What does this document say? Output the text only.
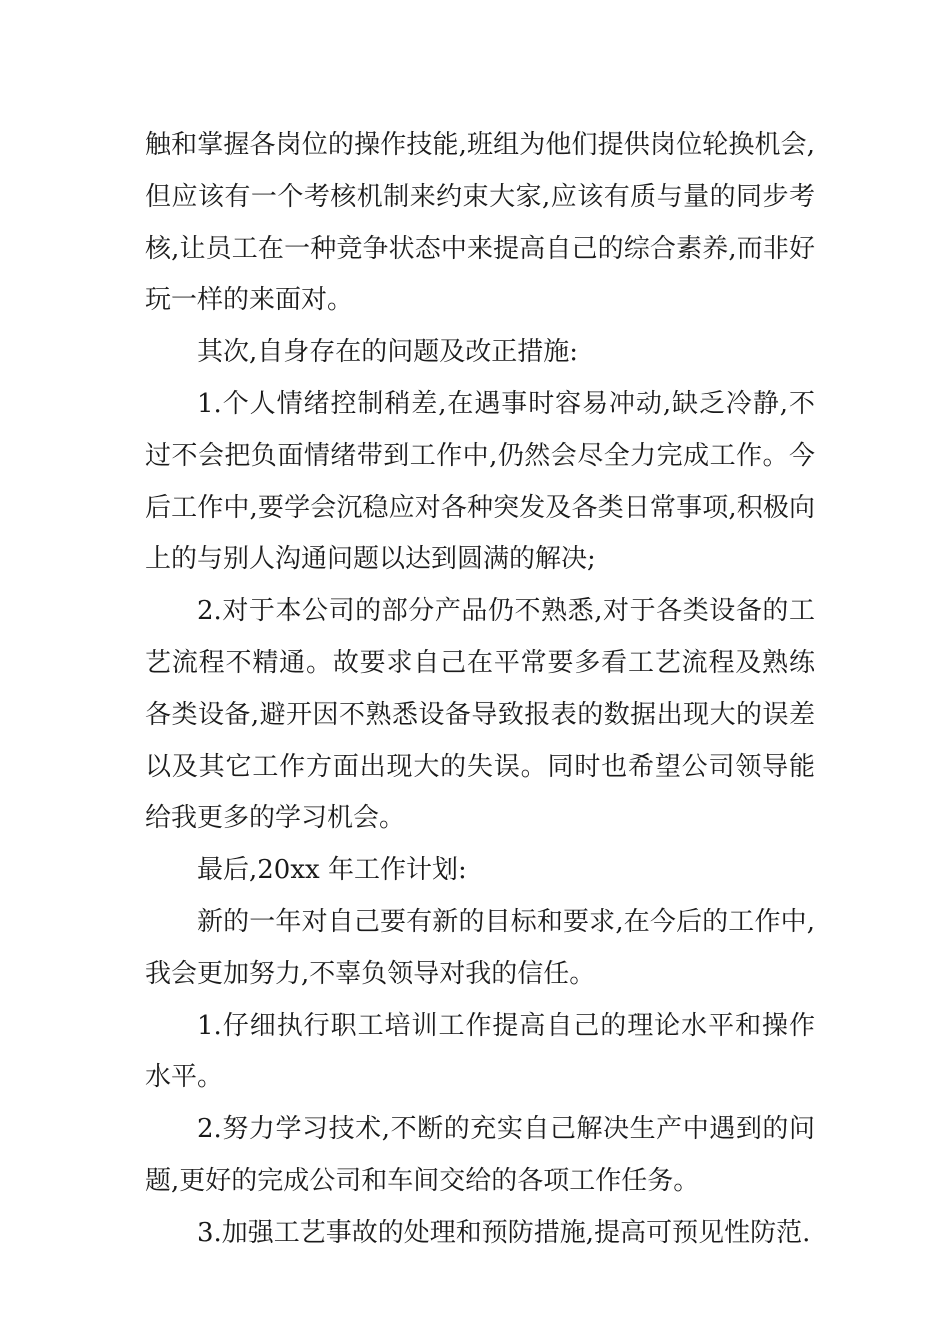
触和掌握各岗位的操作技能,班组为他们提供岗位轮换机会,但应该有一个考核机制来约束大家,应该有质与量的同步考核,让员工在一种竞争状态中来提高自己的综合素养,而非好玩一样的来面对。

其次,自身存在的问题及改正措施:

1.个人情绪控制稍差,在遇事时容易冲动,缺乏冷静,不过不会把负面情绪带到工作中,仍然会尽全力完成工作。今后工作中,要学会沉稳应对各种突发及各类日常事项,积极向上的与别人沟通问题以达到圆满的解决;

2.对于本公司的部分产品仍不熟悉,对于各类设备的工艺流程不精通。故要求自己在平常要多看工艺流程及熟练各类设备,避开因不熟悉设备导致报表的数据出现大的误差以及其它工作方面出现大的失误。同时也希望公司领导能给我更多的学习机会。

最后,20xx 年工作计划:

新的一年对自己要有新的目标和要求,在今后的工作中,我会更加努力,不辜负领导对我的信任。

1.仔细执行职工培训工作提高自己的理论水平和操作水平。

2.努力学习技术,不断的充实自己解决生产中遇到的问题,更好的完成公司和车间交给的各项工作任务。

3.加强工艺事故的处理和预防措施,提高可预见性防范.
